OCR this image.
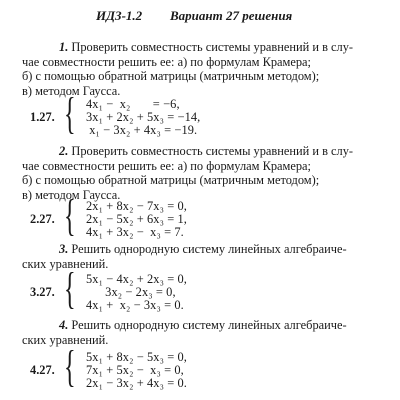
ИДЗ-1.2 Вариант 27 решения
1. Проверить совместность системы уравнений и в слу-
чае совместности решить ее: а) по формулам Крамера;
б) с помощью обратной матрицы (матричным методом);
в) методом Гаусса.
1.27. { 4x₁ −  x₂       = −6,
3x₁ + 2x₂ + 5x₃ = −14,
x₁ − 3x₂ + 4x₃ = −19.
2. Проверить совместность системы уравнений и в слу-
чае совместности решить ее: а) по формулам Крамера;
б) с помощью обратной матрицы (матричным методом);
в) методом Гаусса.
2.27. { 2x₁ + 8x₂ − 7x₃ = 0,
2x₁ − 5x₂ + 6x₃ = 1,
4x₁ + 3x₂ −  x₃ = 7.
3. Решить однородную систему линейных алгебраиче-
ских уравнений.
3.27. { 5x₁ − 4x₂ + 2x₃ = 0,
3x₂ − 2x₃ = 0,
4x₁ +  x₂ − 3x₃ = 0.
4. Решить однородную систему линейных алгебраиче-
ских уравнений.
4.27. { 5x₁ + 8x₂ − 5x₃ = 0,
7x₁ + 5x₂ −  x₃ = 0,
2x₁ − 3x₂ + 4x₃ = 0.
